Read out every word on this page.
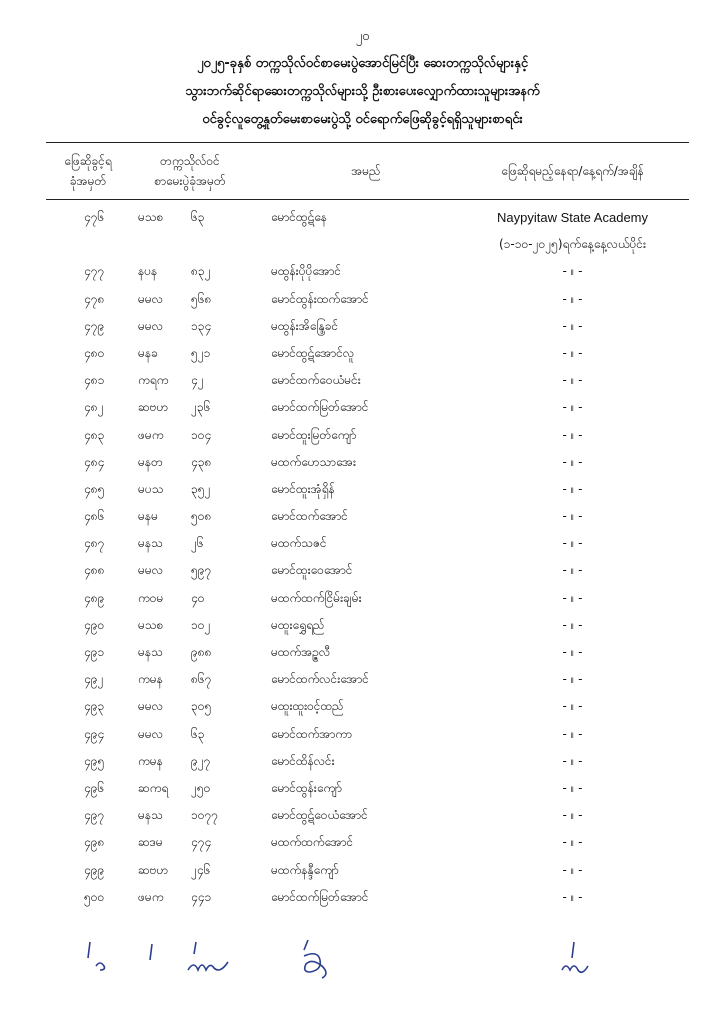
၂၀
၂၀၂၅-ခုနှစ် တက္ကသိုလ်ဝင်စာမေးပွဲအောင်မြင်ပြီး ဆေးတက္ကသိုလ်များနှင့်
သွားဘက်ဆိုင်ရာဆေးတက္ကသိုလ်များသို့ ဦးစားပေးလျှောက်ထားသူများအနက်
ဝင်ခွင့်လူတွေ့နှုတ်မေးစာမေးပွဲသို့ ဝင်ရောက်ဖြေဆိုခွင့်ရရှိသူများစာရင်း
ဖြေဆိုခွင့်ရ
ခုံအမှတ်
တက္ကသိုလ်ဝင်
စာမေးပွဲခုံအမှတ်
အမည်	ဖြေဆိုရမည့်နေရာ/နေ့ရက်/အချိန်
၄၇၆	မသစ ၆၃	မောင်ထွဋ်နေ	Naypyitaw State Academy
(၁-၁၀-၂၀၂၅)ရက်နေ့နေ့လယ်ပိုင်း
၄၇၇	နပန	၈၃၂	မထွန်းပိုပိုအောင်	- ။ -
၄၇၈	မမလ ၅၆၈	မောင်ထွန်းထက်အောင်	- ။ -
၄၇၉	မမလ ၁၃၄	မထွန်းအိန္ဒြေခင်	- ။ -
၄၈၀	မနခ	၅၂၁	မောင်ထွဋ်အောင်လူ	- ။ -
၄၈၁	ကရက ၄၂	မောင်ထက်ဝေယံမင်း	- ။ -
၄၈၂	ဆဗဟ ၂၃၆	မောင်ထက်မြတ်အောင်	- ။ -
၄၈၃	ဖမက ၁၀၄	မောင်ထူးမြတ်ကျော်	- ။ -
၄၈၄	မနတ ၄၃၈	မထက်ဟေသာအေး	- ။ -
၄၈၅	မပသ ၃၅၂	မောင်ထူးအုံရှိန်	- ။ -
၄၈၆	မနမ	၅၀၈	မောင်ထက်အောင်	- ။ -
၄၈၇	မနသ ၂၆	မထက်သဇင်	- ။ -
၄၈၈	မမလ ၅၉၇	မောင်ထူးဝေအောင်	- ။ -
၄၈၉	ကဝမ ၄၀	မထက်ထက်ငြိမ်းချမ်း	- ။ -
၄၉၀	မသစ ၁၀၂	မထူးရွှေရည်	- ။ -
၄၉၁	မနသ ၉၈၈	မထက်အဥ္ဇလီ	- ။ -
၄၉၂	ကမန ၈၆၇	မောင်ထက်လင်းအောင်	- ။ -
၄၉၃	မမလ ၃၀၅	မထူးထူးဝင့်ထည်	- ။ -
၄၉၄	မမလ ၆၃	မောင်ထက်အာကာ	- ။ -
၄၉၅	ကမန ၉၂၇	မောင်ထိန်လင်း	- ။ -
၄၉၆	ဆကရ ၂၅၀	မောင်ထွန်းကျော်	- ။ -
၄၉၇	မနသ ၁၀၇၇	မောင်ထွဋ်ဝေယံအောင်	- ။ -
၄၉၈	ဆဒမ ၄၇၄	မထက်ထက်အောင်	- ။ -
၄၉၉	ဆဗဟ ၂၄၆	မထက်နန္ဒီကျော်	- ။ -
၅၀၀	ဖမက ၄၄၁	မောင်ထက်မြတ်အောင်	- ။ -
